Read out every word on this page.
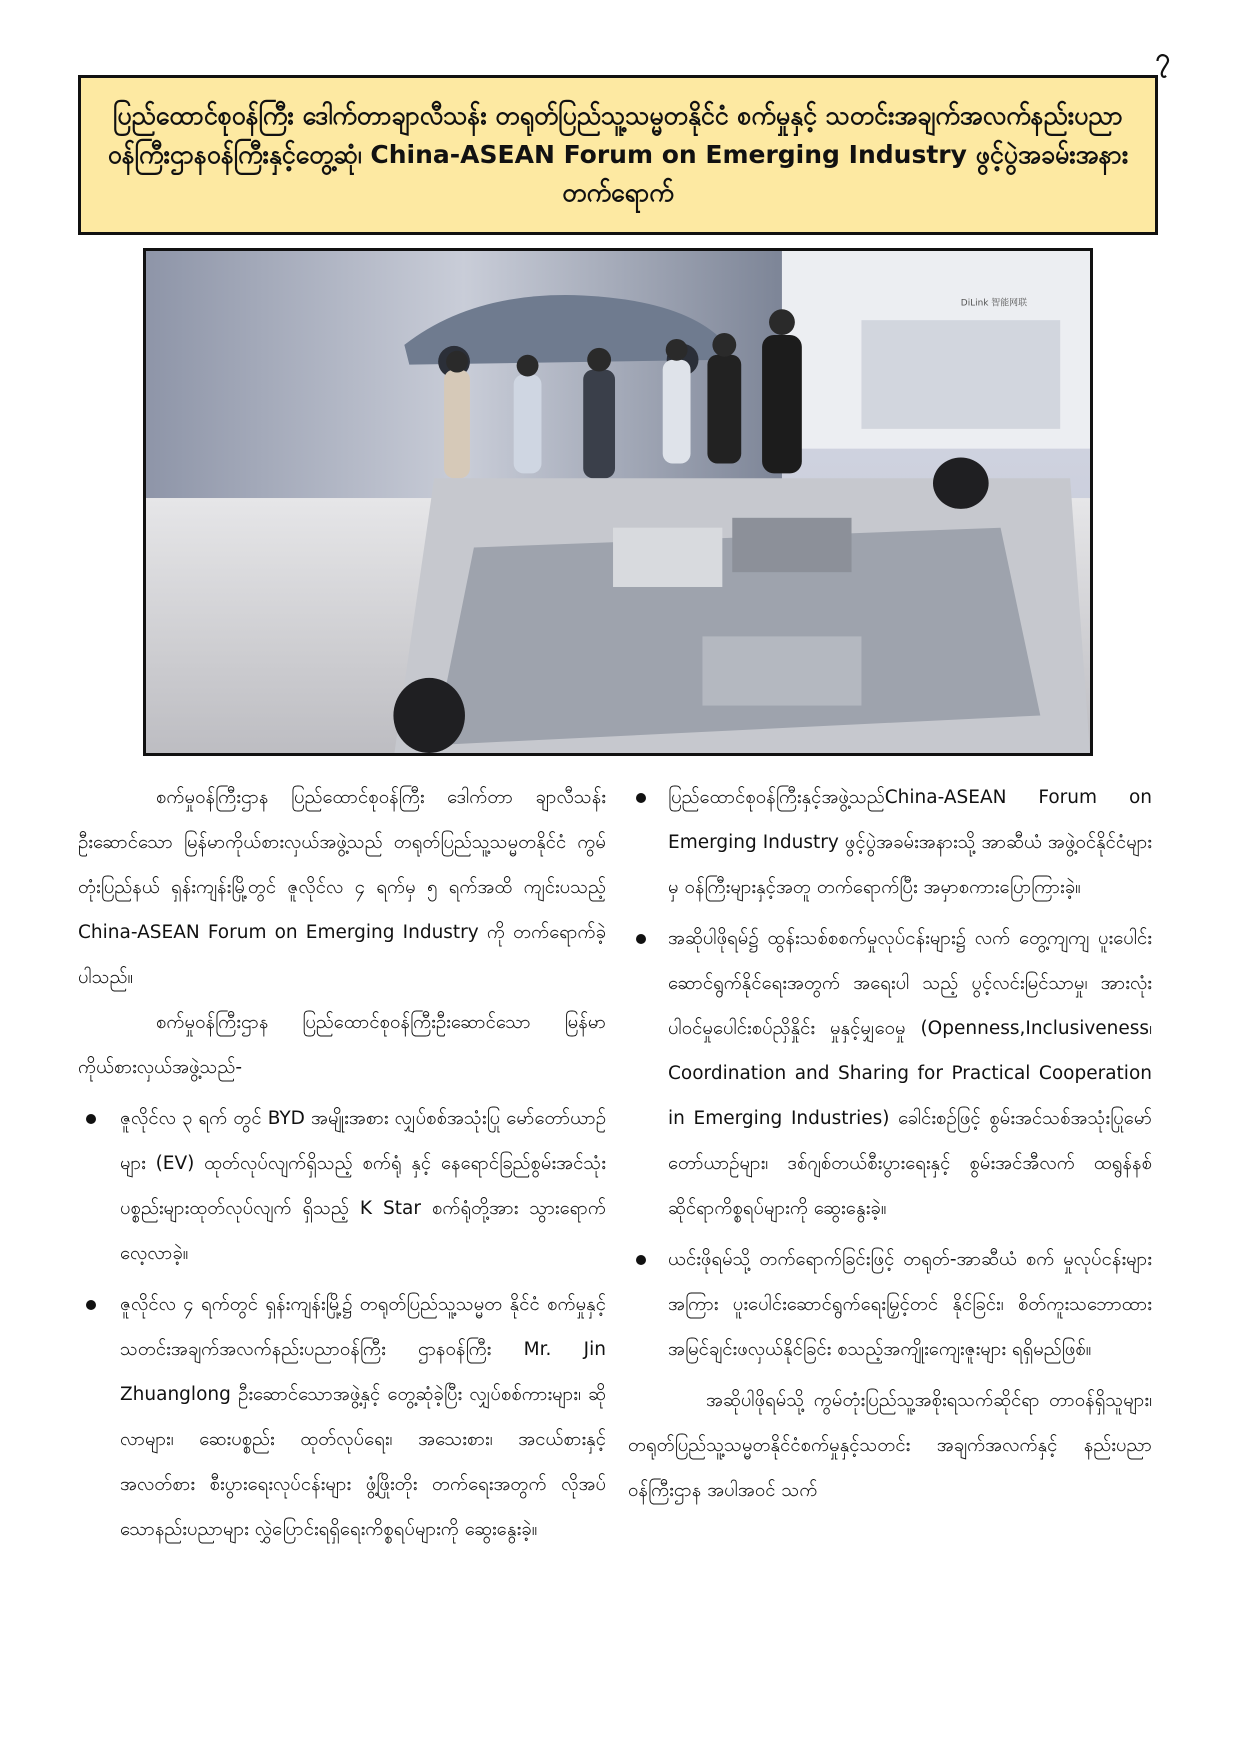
၇
ပြည်ထောင်စုဝန်ကြီး ဒေါက်တာချာလီသန်း တရုတ်ပြည်သူ့သမ္မတနိုင်ငံ စက်မှုနှင့် သတင်းအချက်အလက်နည်းပညာဝန်ကြီးဌာနဝန်ကြီးနှင့်တွေ့ဆုံ၊ China-ASEAN Forum on Emerging Industry ဖွင့်ပွဲအခမ်းအနား တက်ရောက်
DiLink 智能网联

စက်မှုဝန်ကြီးဌာန ပြည်ထောင်စုဝန်ကြီး ဒေါက်တာ ချာလီသန်း ဦးဆောင်သော မြန်မာကိုယ်စားလှယ်အဖွဲ့သည် တရုတ်ပြည်သူ့သမ္မတနိုင်ငံ ကွမ်တုံးပြည်နယ် ရှန်းကျန်းမြို့တွင် ဇူလိုင်လ ၄ ရက်မှ ၅ ရက်အထိ ကျင်းပသည့် China-ASEAN Forum on Emerging Industry ကို တက်ရောက်ခဲ့ပါသည်။

စက်မှုဝန်ကြီးဌာန ပြည်ထောင်စုဝန်ကြီးဦးဆောင်သော မြန်မာကိုယ်စားလှယ်အဖွဲ့သည်-

ဇူလိုင်လ ၃ ရက် တွင် BYD အမျိုးအစား လျှပ်စစ်အသုံးပြု မော်တော်ယာဉ်များ (EV) ထုတ်လုပ်လျက်ရှိသည့် စက်ရုံ နှင့် နေရောင်ခြည်စွမ်းအင်သုံးပစ္စည်းများထုတ်လုပ်လျက် ရှိသည့် K Star စက်ရုံတို့အား သွားရောက်လေ့လာခဲ့။
ဇူလိုင်လ ၄ ရက်တွင် ရှန်းကျန်းမြို့၌ တရုတ်ပြည်သူ့သမ္မတ နိုင်ငံ စက်မှုနှင့်သတင်းအချက်အလက်နည်းပညာဝန်ကြီး ဌာနဝန်ကြီး Mr. Jin Zhuanglong ဦးဆောင်သောအဖွဲ့နှင့် တွေ့ဆုံခဲ့ပြီး လျှပ်စစ်ကားများ၊ ဆိုလာများ၊ ဆေးပစ္စည်း ထုတ်လုပ်ရေး၊ အသေးစား၊ အငယ်စားနှင့် အလတ်စား စီးပွားရေးလုပ်ငန်းများ ဖွံ့ဖြိုးတိုး တက်ရေးအတွက် လိုအပ် သောနည်းပညာများ လွှဲပြောင်းရရှိရေးကိစ္စရပ်များကို ဆွေးနွေးခဲ့။
ပြည်ထောင်စုဝန်ကြီးနှင့်အဖွဲ့သည်China-ASEAN Forum on Emerging Industry ဖွင့်ပွဲအခမ်းအနားသို့ အာဆီယံ အဖွဲ့ဝင်နိုင်ငံများမှ ဝန်ကြီးများနှင့်အတူ တက်ရောက်ပြီး အမှာစကားပြောကြားခဲ့။
အဆိုပါဖိုရမ်၌ ထွန်းသစ်စစက်မှုလုပ်ငန်းများ၌ လက် တွေ့ကျကျ ပူးပေါင်းဆောင်ရွက်နိုင်ရေးအတွက် အရေးပါ သည့် ပွင့်လင်းမြင်သာမှု၊ အားလုံးပါဝင်မှုပေါင်းစပ်ညှိနှိုင်း မှုနှင့်မျှဝေမှု (Openness,Inclusiveness၊ Coordination and Sharing for Practical Cooperation in Emerging Industries) ခေါင်းစဉ်ဖြင့် စွမ်းအင်သစ်အသုံးပြုမော် တော်ယာဉ်များ၊ ဒစ်ဂျစ်တယ်စီးပွားရေးနှင့် စွမ်းအင်အီလက် ထရွန်နစ်ဆိုင်ရာကိစ္စရပ်များကို ဆွေးနွေးခဲ့။
ယင်းဖိုရမ်သို့ တက်ရောက်ခြင်းဖြင့် တရုတ်-အာဆီယံ စက် မှုလုပ်ငန်းများအကြား ပူးပေါင်းဆောင်ရွက်ရေးမြှင့်တင် နိုင်ခြင်း၊ စိတ်ကူးသဘောထား အမြင်ချင်းဖလှယ်နိုင်ခြင်း စသည့်အကျိုးကျေးဇူးများ ရရှိမည်ဖြစ်။

အဆိုပါဖိုရမ်သို့ ကွမ်တုံးပြည်သူ့အစိုးရသက်ဆိုင်ရာ တာဝန်ရှိသူများ၊ တရုတ်ပြည်သူ့သမ္မတနိုင်ငံစက်မှုနှင့်သတင်း အချက်အလက်နှင့် နည်းပညာဝန်ကြီးဌာန အပါအဝင် သက်
